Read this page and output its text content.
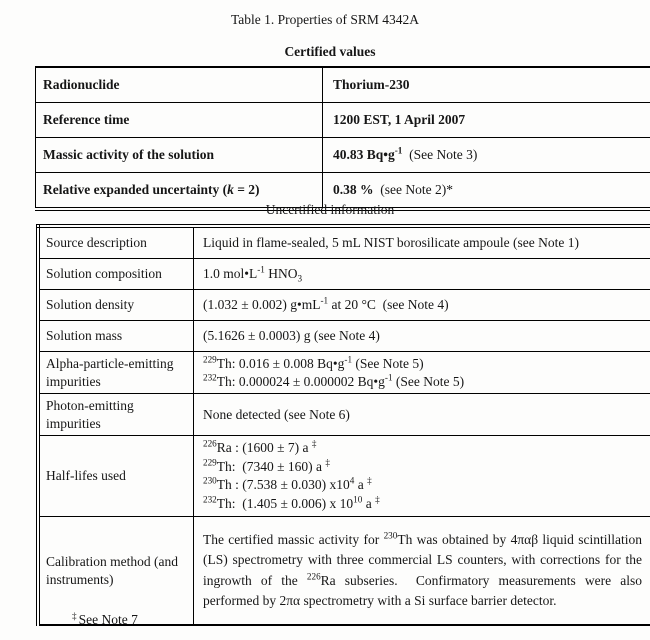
Table 1. Properties of SRM 4342A
Certified values
Radionuclide	Thorium-230
Reference time	1200 EST, 1 April 2007
Massic activity of the solution	40.83 $Bq•g^{-1}$  (See Note 3)
Relative expanded uncertainty (k = 2)	0.38 %  (see Note 2)*
Uncertified information
Source description	Liquid in flame-sealed, 5 mL NIST borosilicate ampoule (see Note 1)
Solution composition	1.0 $mol•L^{-1}$ $HNO_3$
Solution density	(1.032 ± 0.002) $g•mL^{-1}$ at 20 °C  (see Note 4)
Solution mass	(5.1626 ± 0.0003) g (see Note 4)
Alpha-particle-emitting impurities	$^{229}$Th: 0.016 ± 0.008 $Bq•g^{-1}$ (See Note 5)
$^{232}$Th: 0.000024 ± 0.000002 $Bq•g^{-1}$ (See Note 5)
Photon-emitting impurities	None detected (see Note 6)
Half-lifes used	$^{226}$Ra : (1600 ± 7) a ‡
$^{229}$Th:  (7340 ± 160) a ‡
$^{230}$Th : (7.538 ± 0.030) $x10^4$ a ‡
$^{232}$Th:  (1.405 ± 0.006) x $10^{10}$ a ‡
Calibration method (and instruments)	The certified massic activity for $^{230}$Th was obtained by 4παβ liquid scintillation (LS) spectrometry with three commercial LS counters, with corrections for the ingrowth of the $^{226}$Ra subseries.  Confirmatory measurements were also performed by 2πα spectrometry with a Si surface barrier detector.
‡ See Note 7
